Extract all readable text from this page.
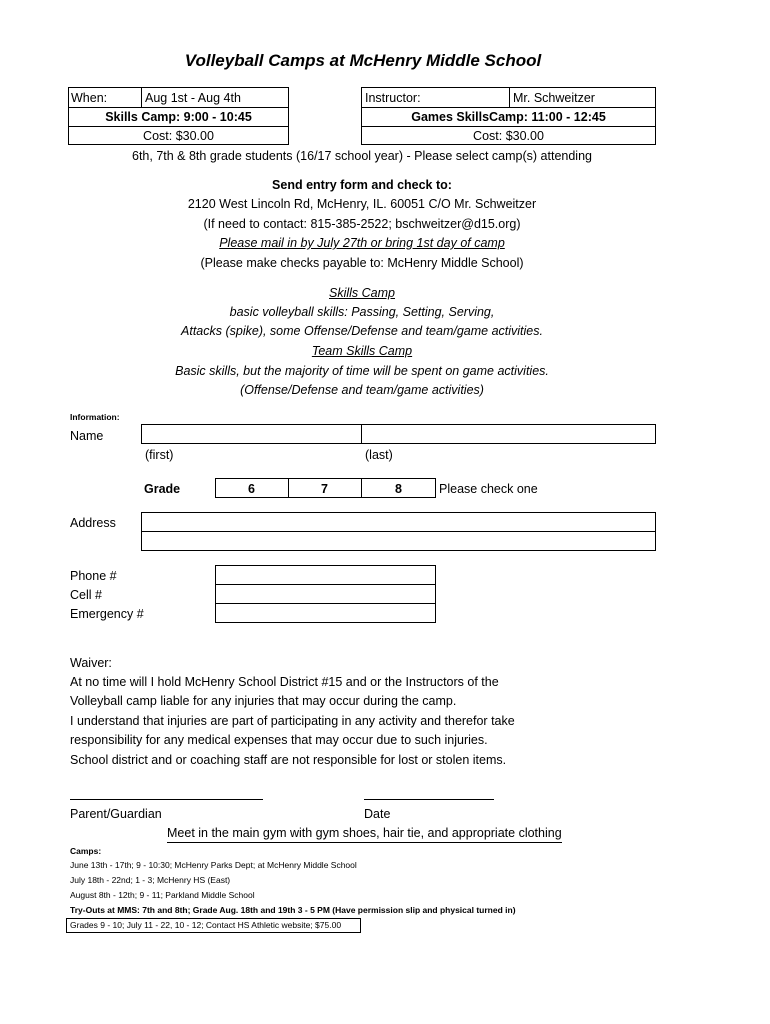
Volleyball Camps at McHenry Middle School
When:	Aug 1st - Aug 4th
Skills Camp: 9:00 - 10:45
Cost: $30.00
Instructor:	Mr. Schweitzer
Games SkillsCamp: 11:00 - 12:45
Cost: $30.00
6th, 7th & 8th grade students (16/17 school year) - Please select camp(s) attending
Send entry form and check to:
2120 West Lincoln Rd, McHenry, IL. 60051 C/O Mr. Schweitzer
(If need to contact: 815-385-2522; bschweitzer@d15.org)
Please mail in by July 27th or bring 1st day of camp
(Please make checks payable to: McHenry Middle School)
Skills Camp
basic volleyball skills: Passing, Setting, Serving,
Attacks (spike), some Offense/Defense and team/game activities.
Team Skills Camp
Basic skills, but the majority of time will be spent on game activities.
(Offense/Defense and team/game activities)
Information:
Name
(first)	(last)
Grade	6	7	8	Please check one
Address
Phone #
Cell #
Emergency #
Waiver:
At no time will I hold McHenry School District #15 and or the Instructors of the
Volleyball camp liable for any injuries that may occur during the camp.
I understand that injuries are part of participating in any activity and therefor take
responsibility for any medical expenses that may occur due to such injuries.
School district and or coaching staff are not responsible for lost or stolen items.
Parent/Guardian	Date
Meet in the main gym with gym shoes, hair tie, and appropriate clothing
Camps:
June 13th - 17th; 9 - 10:30; McHenry Parks Dept; at McHenry Middle School
July 18th - 22nd; 1 - 3; McHenry HS (East)
August 8th - 12th; 9 - 11; Parkland Middle School
Try-Outs at MMS: 7th and 8th; Grade Aug. 18th and 19th 3 - 5 PM (Have permission slip and physical turned in)
Grades 9 - 10; July 11 - 22, 10 - 12; Contact HS Athletic website; $75.00
